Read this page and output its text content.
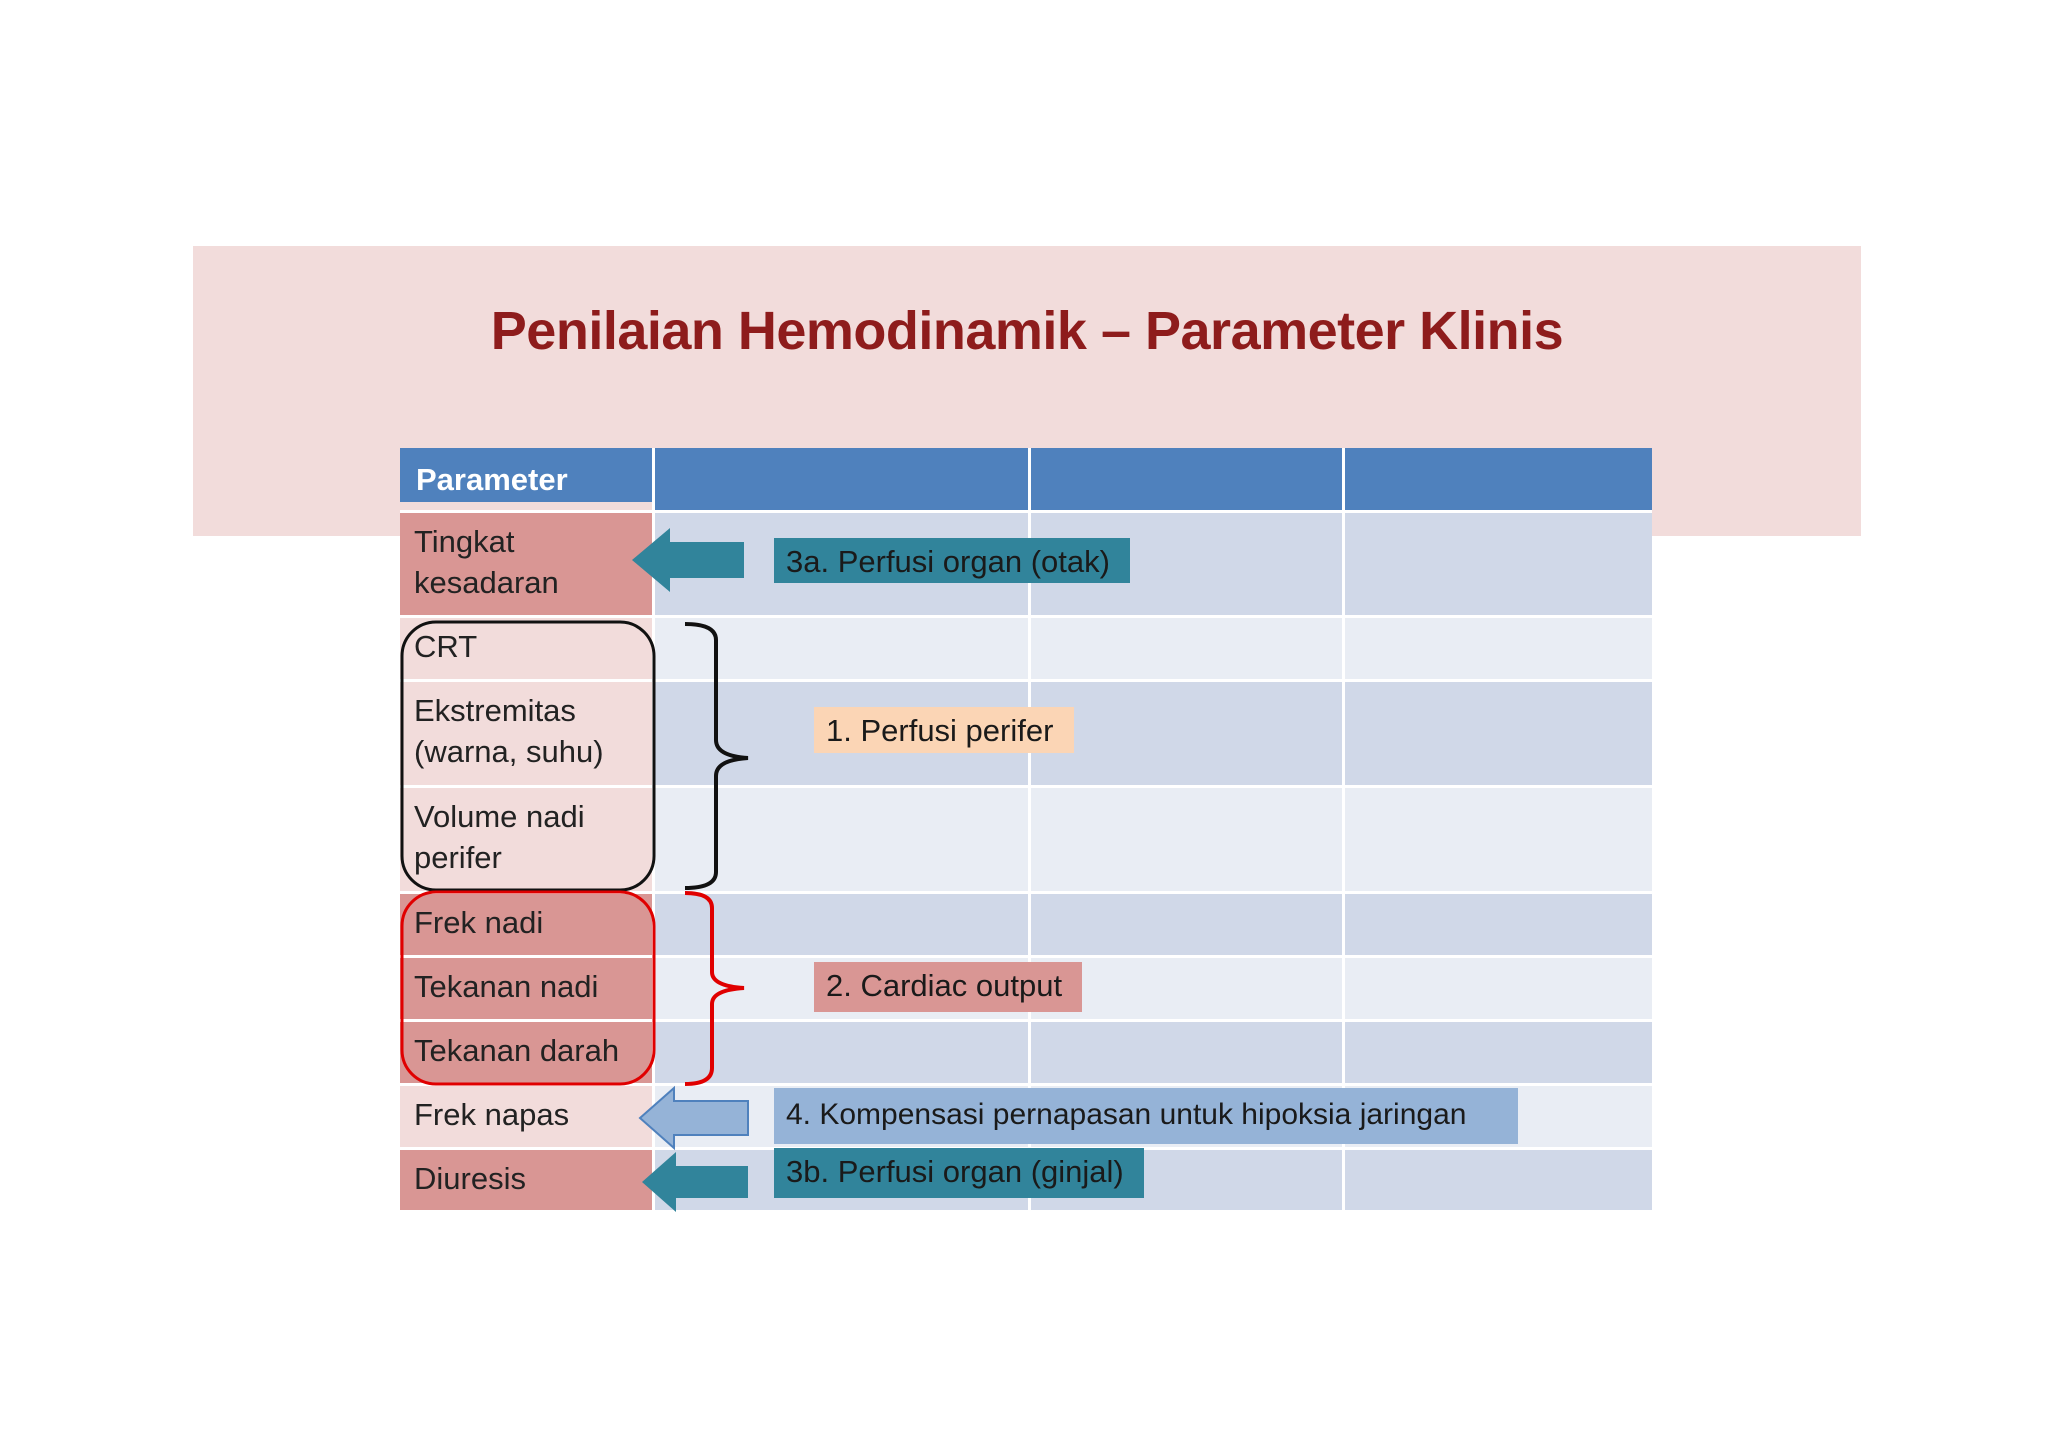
Penilaian Hemodinamik – Parameter Klinis
Parameter
Tingkat kesadaran
CRT
Ekstremitas (warna, suhu)
Volume nadi perifer
Frek nadi
Tekanan nadi
Tekanan darah
Frek napas
Diuresis
3a. Perfusi organ (otak)
1. Perfusi perifer
2. Cardiac output
4. Kompensasi pernapasan untuk hipoksia jaringan
3b. Perfusi organ (ginjal)
